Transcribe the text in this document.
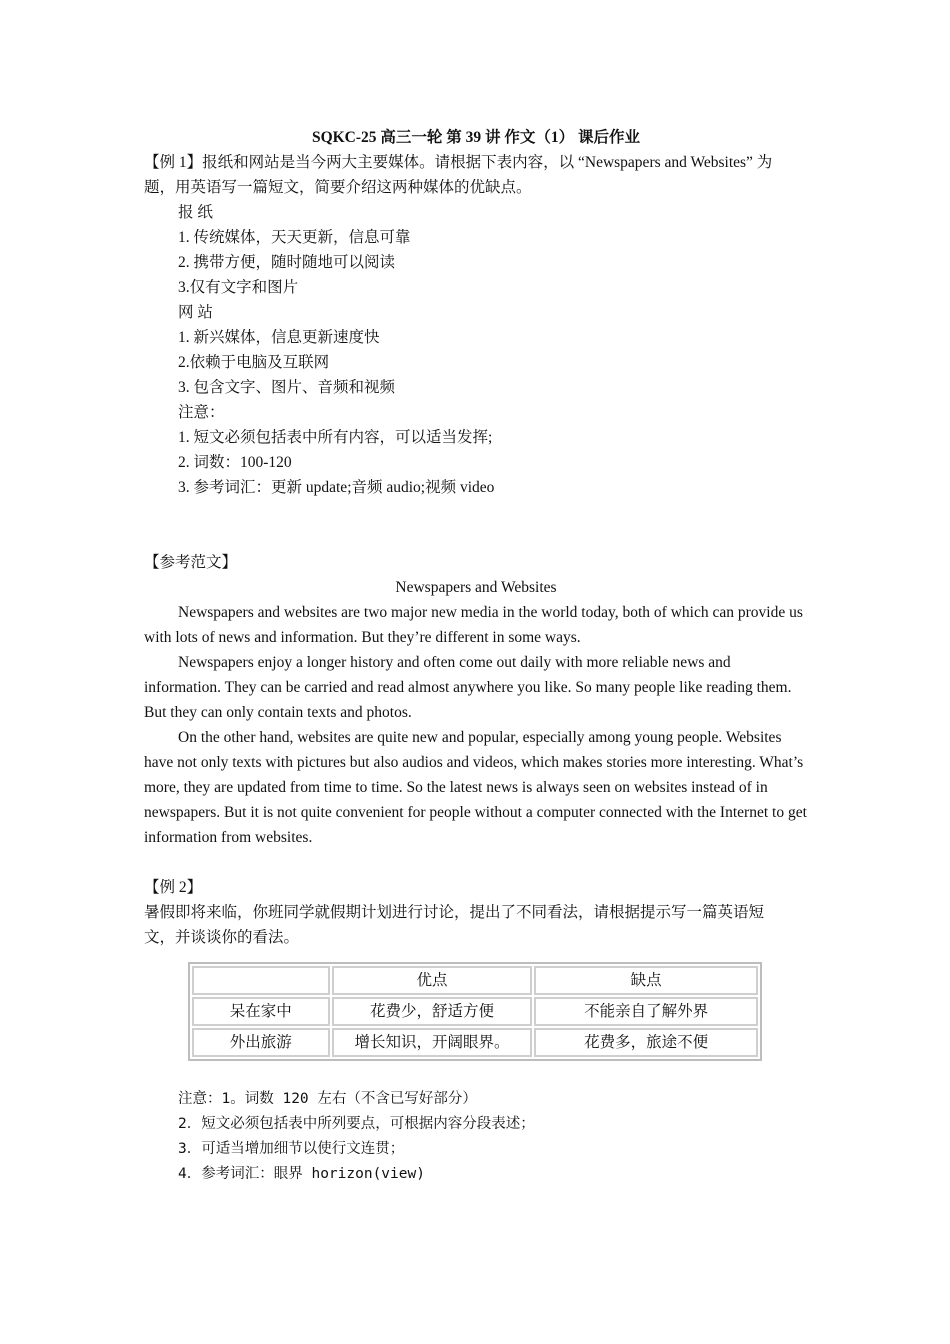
SQKC-25 高三一轮 第 39 讲 作文（1） 课后作业
【例 1】报纸和网站是当今两大主要媒体。请根据下表内容，以 “Newspapers and Websites” 为
题，用英语写一篇短文，简要介绍这两种媒体的优缺点。
报 纸
1. 传统媒体，天天更新，信息可靠
2. 携带方便，随时随地可以阅读
3.仅有文字和图片
网 站
1. 新兴媒体，信息更新速度快
2.依赖于电脑及互联网
3. 包含文字、图片、音频和视频
注意：
1. 短文必须包括表中所有内容，可以适当发挥;
2. 词数：100-120
3. 参考词汇：更新 update;音频 audio;视频 video
【参考范文】
Newspapers and Websites
Newspapers and websites are two major new media in the world today, both of which can provide us with lots of news and information. But they’re different in some ways.
Newspapers enjoy a longer history and often come out daily with more reliable news and information. They can be carried and read almost anywhere you like. So many people like reading them. But they can only contain texts and photos.
On the other hand, websites are quite new and popular, especially among young people. Websites have not only texts with pictures but also audios and videos, which makes stories more interesting. What’s more, they are updated from time to time. So the latest news is always seen on websites instead of in newspapers. But it is not quite convenient for people without a computer connected with the Internet to get information from websites.
【例 2】
暑假即将来临，你班同学就假期计划进行讨论，提出了不同看法，请根据提示写一篇英语短
文，并谈谈你的看法。
	优点	缺点
呆在家中	花费少，舒适方便	不能亲自了解外界
外出旅游	增长知识，开阔眼界。	花费多，旅途不便
注意：1。词数 120 左右（不含已写好部分）
2．短文必须包括表中所列要点，可根据内容分段表述；
3．可适当增加细节以使行文连贯；
4．参考词汇：眼界 horizon(view)
